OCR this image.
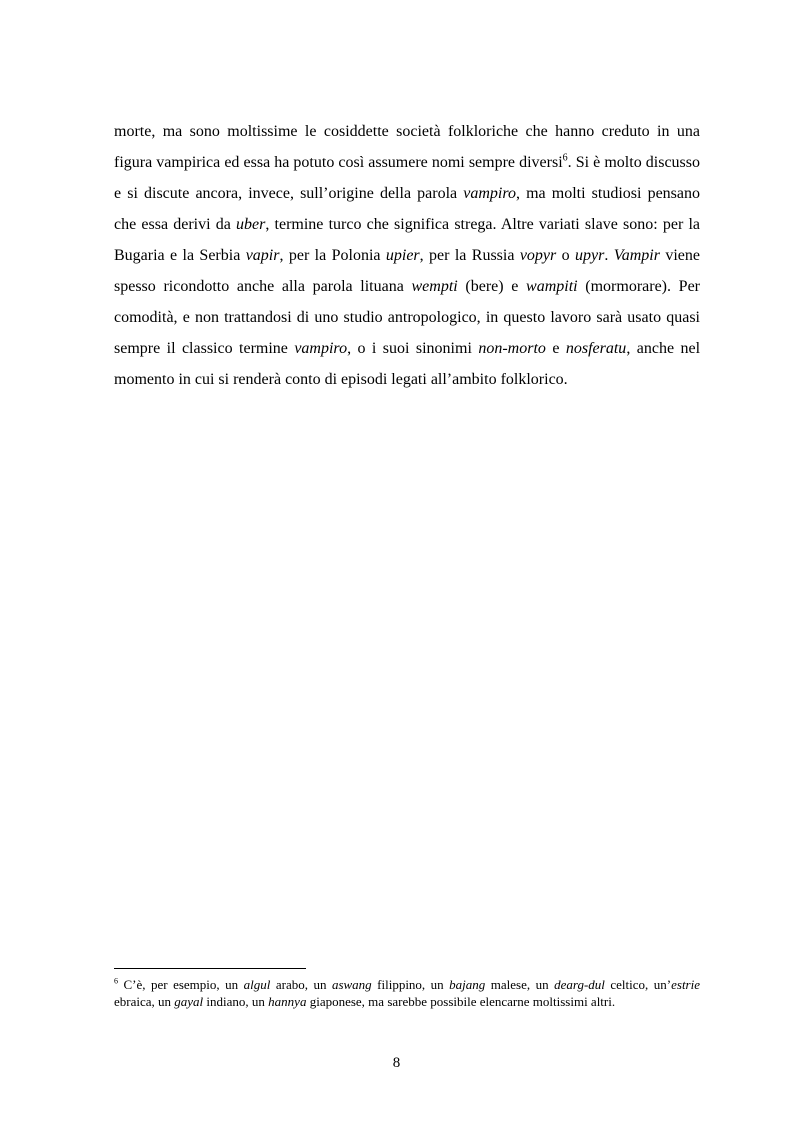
morte, ma sono moltissime le cosiddette società folkloriche che hanno creduto in una figura vampirica ed essa ha potuto così assumere nomi sempre diversi$^6$. Si è molto discusso e si discute ancora, invece, sull’origine della parola vampiro, ma molti studiosi pensano che essa derivi da uber, termine turco che significa strega. Altre variati slave sono: per la Bugaria e la Serbia vapir, per la Polonia upier, per la Russia vopyr o upyr. Vampir viene spesso ricondotto anche alla parola lituana wempti (bere) e wampiti (mormorare). Per comodità, e non trattandosi di uno studio antropologico, in questo lavoro sarà usato quasi sempre il classico termine vampiro, o i suoi sinonimi non-morto e nosferatu, anche nel momento in cui si renderà conto di episodi legati all’ambito folklorico.

$^6$ C’è, per esempio, un algul arabo, un aswang filippino, un bajang malese, un dearg-dul celtico, un’estrie ebraica, un gayal indiano, un hannya giaponese, ma sarebbe possibile elencarne moltissimi altri.

8
